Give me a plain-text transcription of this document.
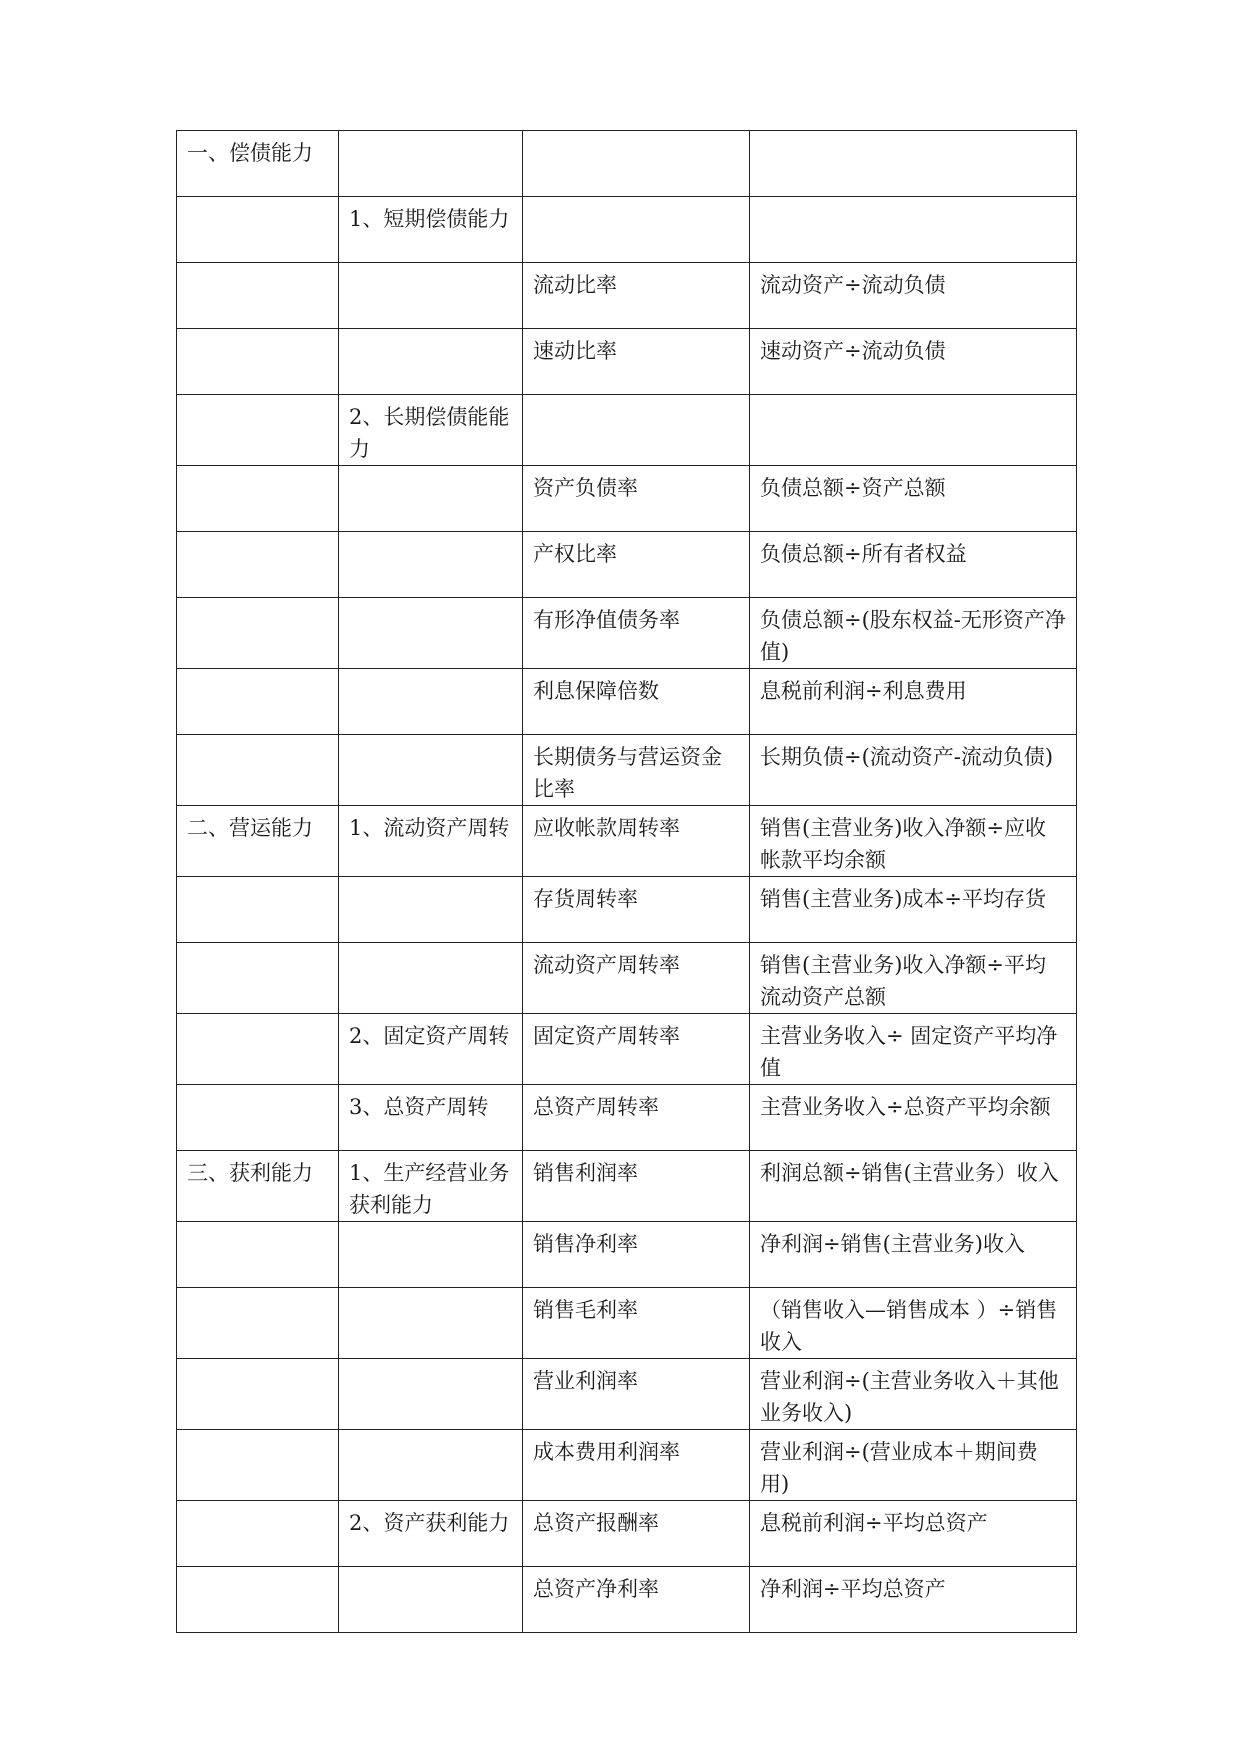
一、偿债能力			
	1、短期偿债能力		
		流动比率	流动资产÷流动负债
		速动比率	速动资产÷流动负债
	2、长期偿债能能力		
		资产负债率	负债总额÷资产总额
		产权比率	负债总额÷所有者权益
		有形净值债务率	负债总额÷(股东权益-无形资产净值)
		利息保障倍数	息税前利润÷利息费用
		长期债务与营运资金比率	长期负债÷(流动资产-流动负债)
二、营运能力	1、流动资产周转	应收帐款周转率	销售(主营业务)收入净额÷应收帐款平均余额
		存货周转率	销售(主营业务)成本÷平均存货
		流动资产周转率	销售(主营业务)收入净额÷平均流动资产总额
	2、固定资产周转	固定资产周转率	主营业务收入÷ 固定资产平均净值
	3、总资产周转	总资产周转率	主营业务收入÷总资产平均余额
三、获利能力	1、生产经营业务获利能力	销售利润率	利润总额÷销售(主营业务）收入
		销售净利率	净利润÷销售(主营业务)收入
		销售毛利率	（销售收入—销售成本 ）÷销售收入
		营业利润率	营业利润÷(主营业务收入＋其他业务收入)
		成本费用利润率	营业利润÷(营业成本＋期间费用)
	2、资产获利能力	总资产报酬率	息税前利润÷平均总资产
		总资产净利率	净利润÷平均总资产
